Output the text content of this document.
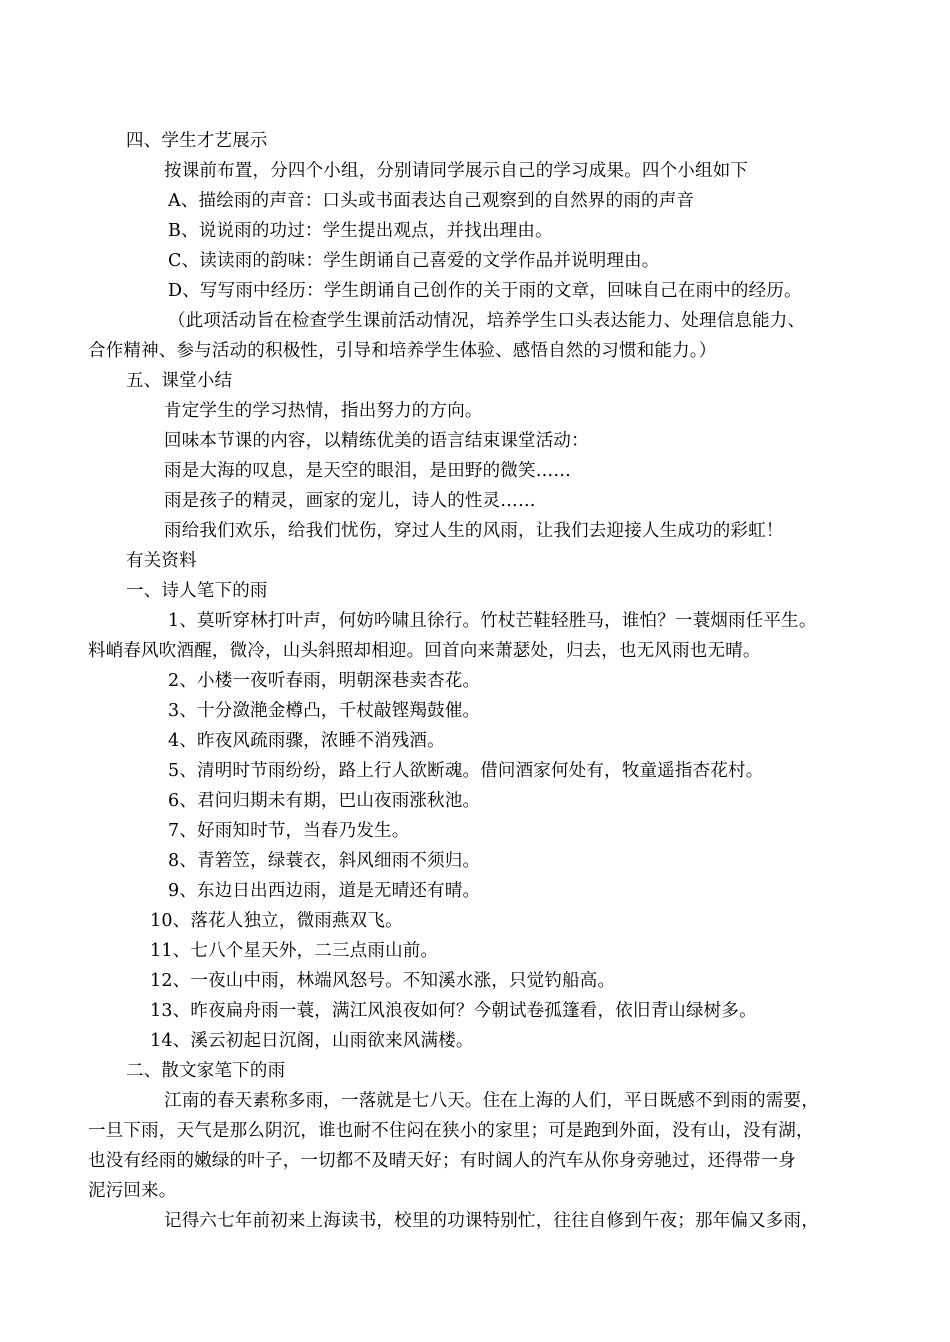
四、学生才艺展示
按课前布置，分四个小组，分别请同学展示自己的学习成果。四个小组如下
A、描绘雨的声音：口头或书面表达自己观察到的自然界的雨的声音
B、说说雨的功过：学生提出观点，并找出理由。
C、读读雨的韵味：学生朗诵自己喜爱的文学作品并说明理由。
D、写写雨中经历：学生朗诵自己创作的关于雨的文章，回味自己在雨中的经历。
（此项活动旨在检查学生课前活动情况，培养学生口头表达能力、处理信息能力、
合作精神、参与活动的积极性，引导和培养学生体验、感悟自然的习惯和能力。）
五、课堂小结
肯定学生的学习热情，指出努力的方向。
回味本节课的内容，以精练优美的语言结束课堂活动：
雨是大海的叹息，是天空的眼泪，是田野的微笑……
雨是孩子的精灵，画家的宠儿，诗人的性灵……
雨给我们欢乐，给我们忧伤，穿过人生的风雨，让我们去迎接人生成功的彩虹！
有关资料
一、诗人笔下的雨
1、莫听穿林打叶声，何妨吟啸且徐行。竹杖芒鞋轻胜马，谁怕？一蓑烟雨任平生。
料峭春风吹酒醒，微冷，山头斜照却相迎。回首向来萧瑟处，归去，也无风雨也无晴。
2、小楼一夜听春雨，明朝深巷卖杏花。
3、十分潋滟金樽凸，千杖敲铿羯鼓催。
4、昨夜风疏雨骤，浓睡不消残酒。
5、清明时节雨纷纷，路上行人欲断魂。借问酒家何处有，牧童遥指杏花村。
6、君问归期未有期，巴山夜雨涨秋池。
7、好雨知时节，当春乃发生。
8、青箬笠，绿蓑衣，斜风细雨不须归。
9、东边日出西边雨，道是无晴还有晴。
10、落花人独立，微雨燕双飞。
11、七八个星天外，二三点雨山前。
12、一夜山中雨，林端风怒号。不知溪水涨，只觉钓船高。
13、昨夜扁舟雨一蓑，满江风浪夜如何？今朝试卷孤篷看，依旧青山绿树多。
14、溪云初起日沉阁，山雨欲来风满楼。
二、散文家笔下的雨
江南的春天素称多雨，一落就是七八天。住在上海的人们，平日既感不到雨的需要，
一旦下雨，天气是那么阴沉，谁也耐不住闷在狭小的家里；可是跑到外面，没有山，没有湖，
也没有经雨的嫩绿的叶子，一切都不及晴天好；有时阔人的汽车从你身旁驰过，还得带一身
泥污回来。
记得六七年前初来上海读书，校里的功课特别忙，往往自修到午夜；那年偏又多雨，
